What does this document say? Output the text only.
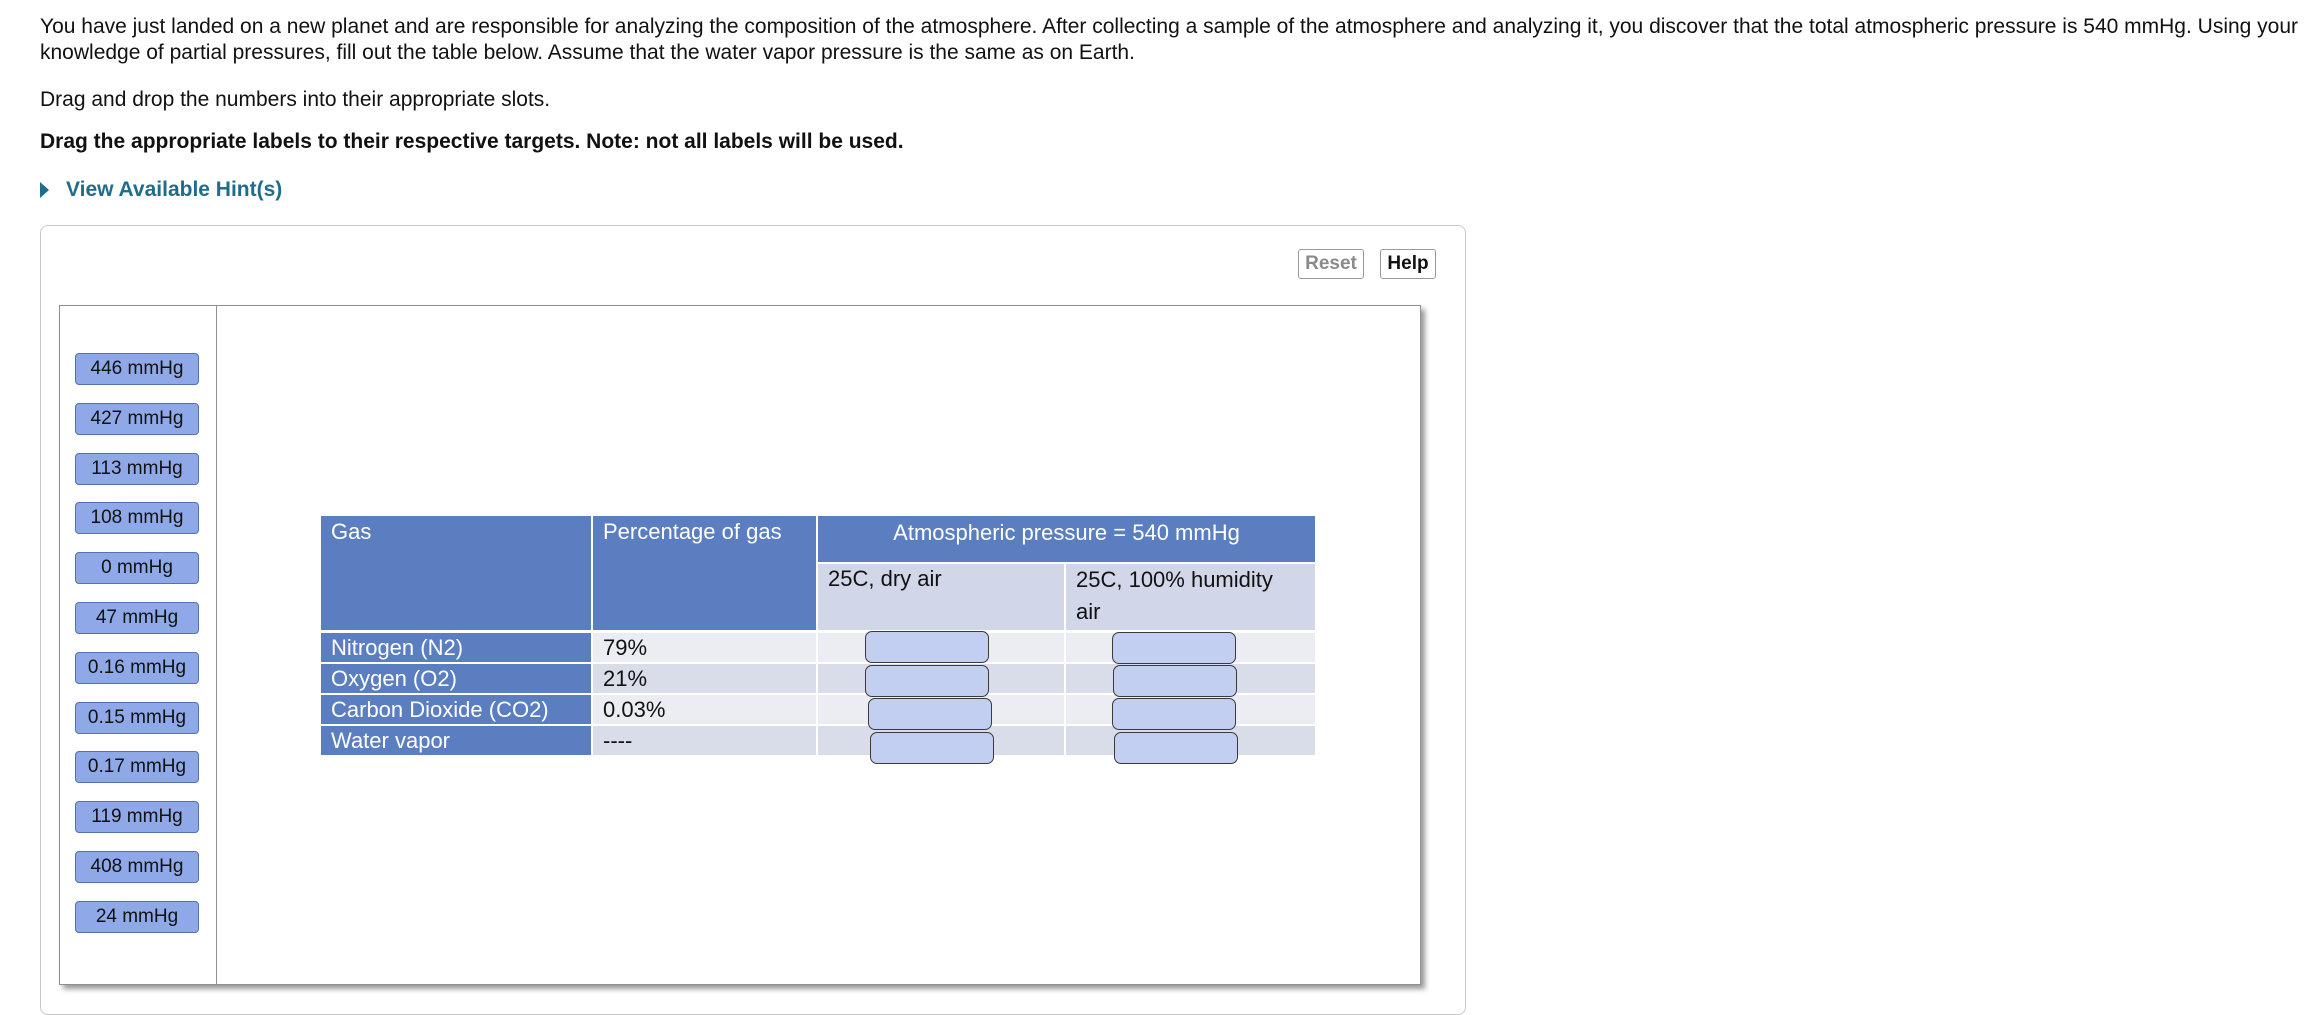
You have just landed on a new planet and are responsible for analyzing the composition of the atmosphere. After collecting a sample of the atmosphere and analyzing it, you discover that the total atmospheric pressure is 540 mmHg. Using your knowledge of partial pressures, fill out the table below. Assume that the water vapor pressure is the same as on Earth.
Drag and drop the numbers into their appropriate slots.
Drag the appropriate labels to their respective targets. Note: not all labels will be used.
View Available Hint(s)
Reset	Help
446 mmHg
427 mmHg
113 mmHg
108 mmHg
0 mmHg
47 mmHg
0.16 mmHg
0.15 mmHg
0.17 mmHg
119 mmHg
408 mmHg
24 mmHg
Gas	Percentage of gas	Atmospheric pressure = 540 mmHg
25C, dry air	25C, 100% humidity
air
Nitrogen (N2)	79%
Oxygen (O2)	21%
Carbon Dioxide (CO2)	0.03%
Water vapor	----
